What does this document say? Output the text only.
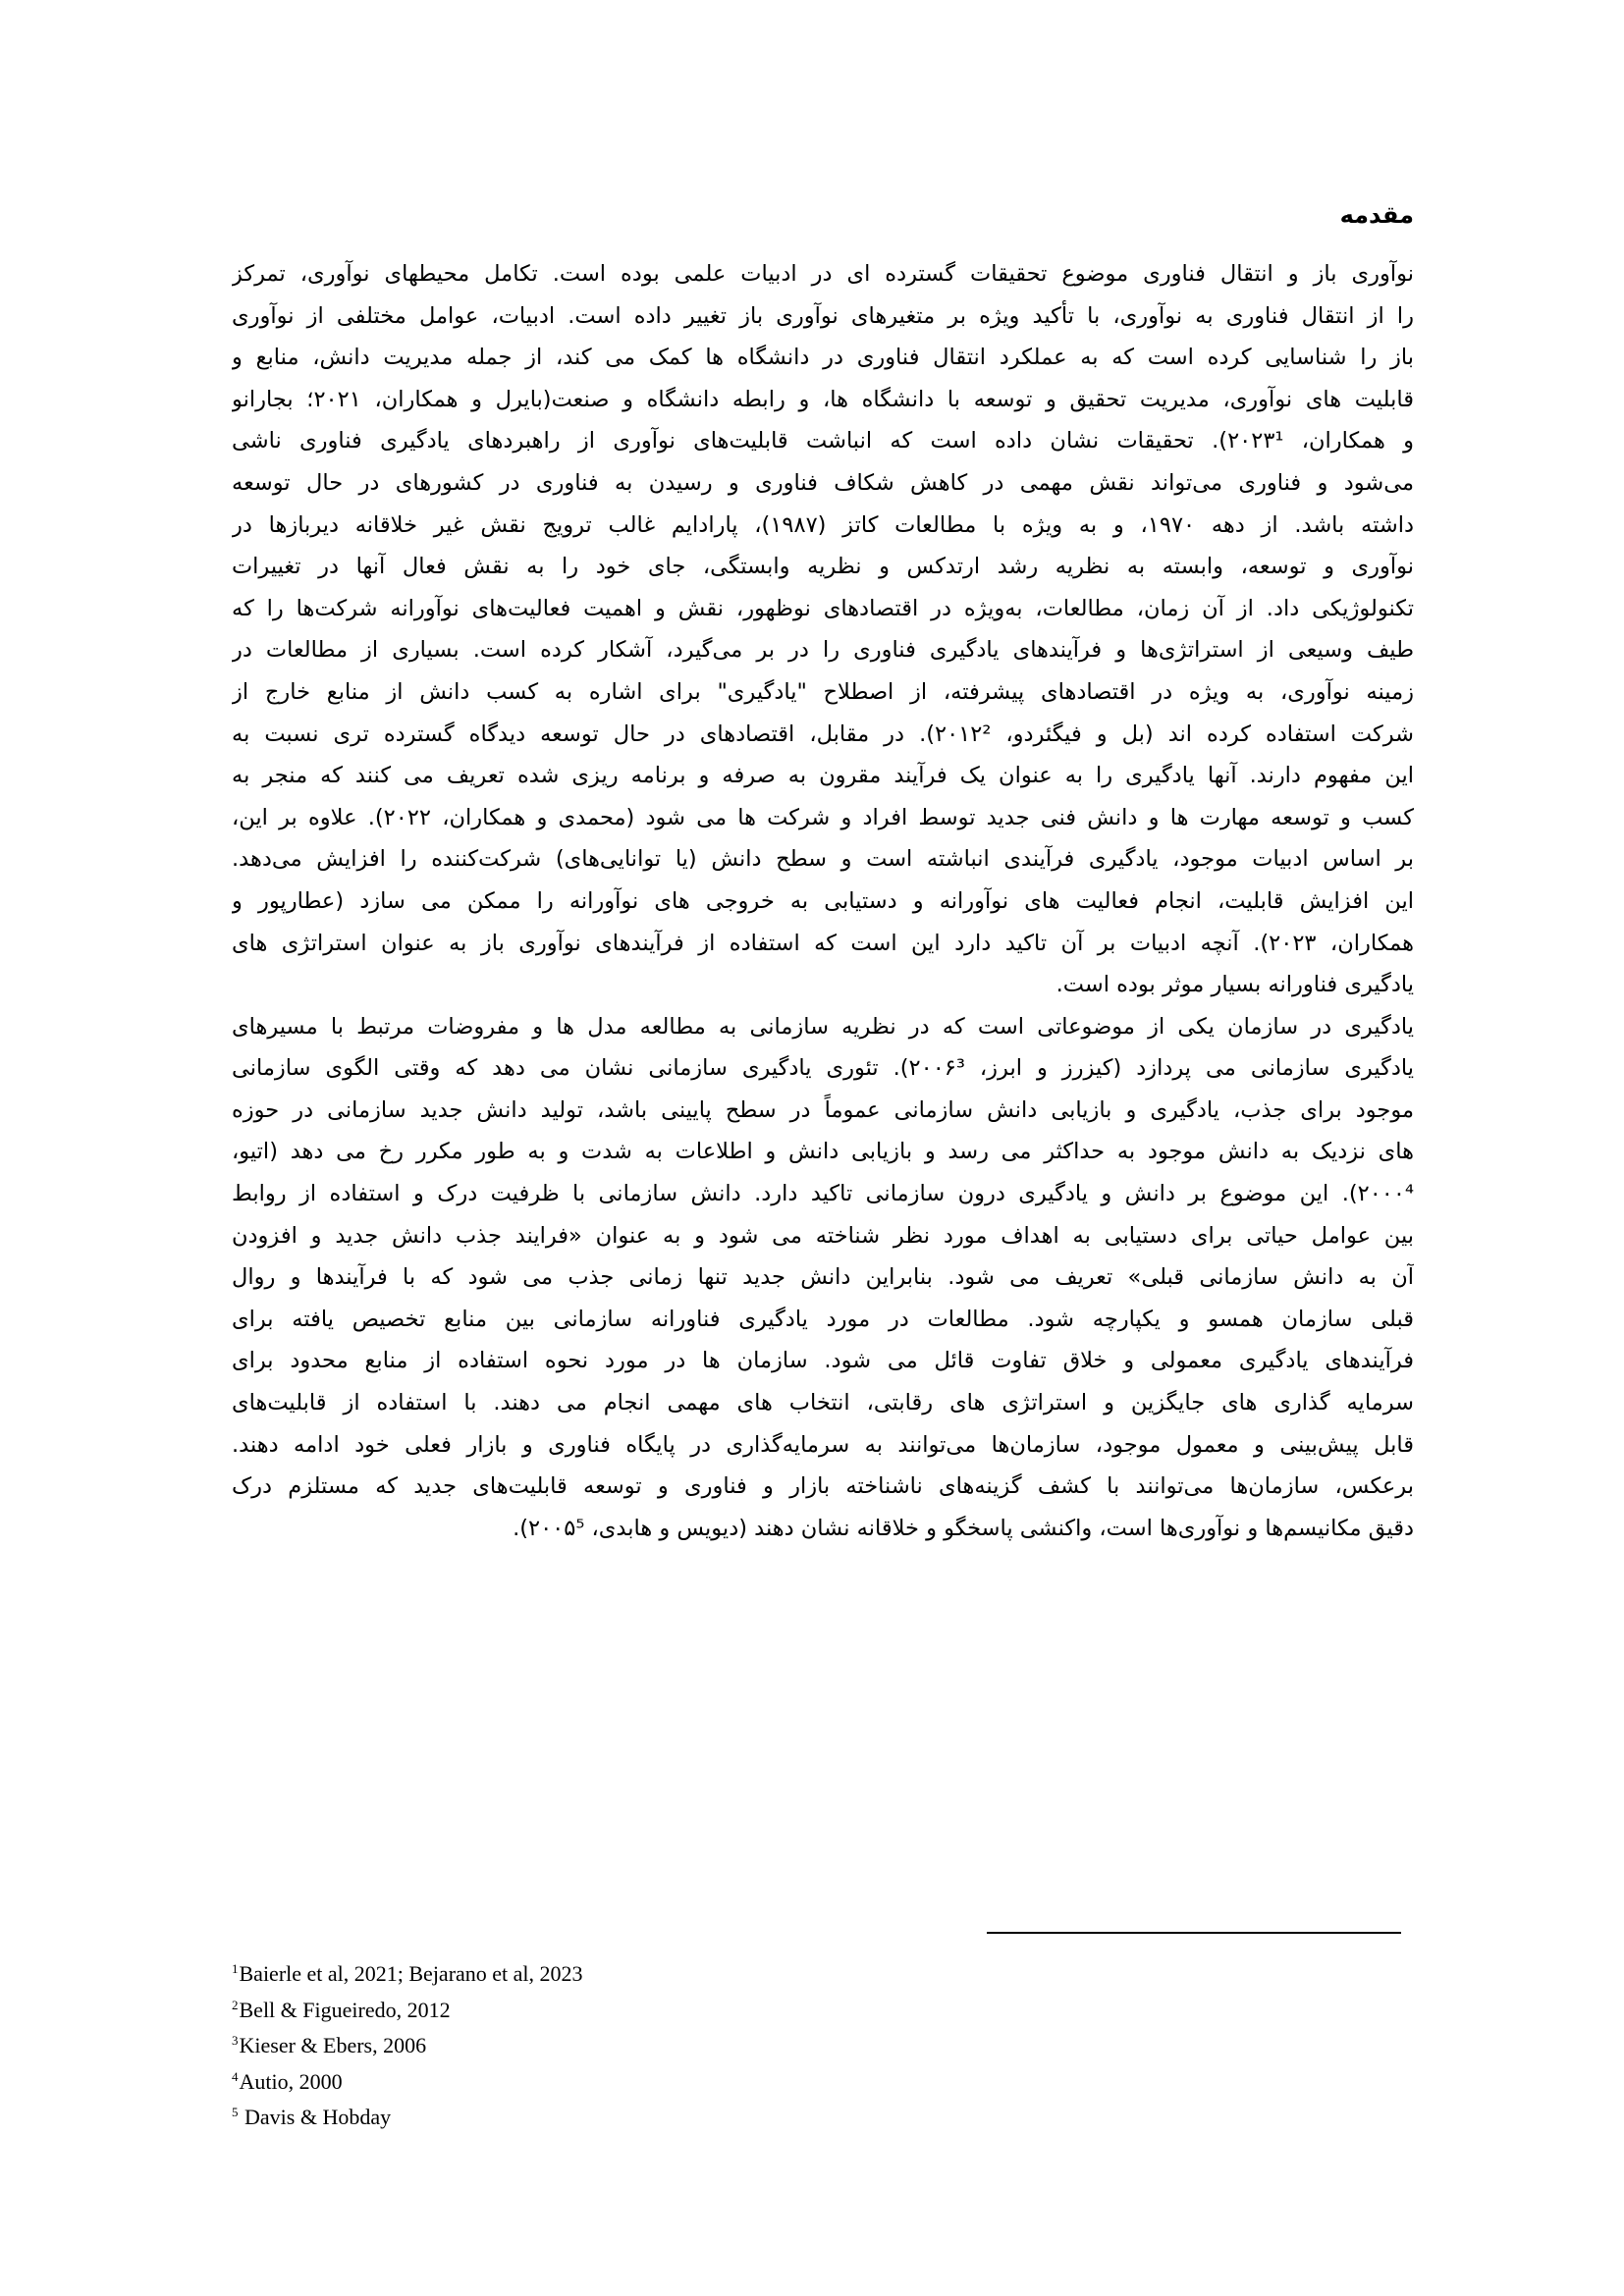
مقدمه

نوآوری باز و انتقال فناوری موضوع تحقیقات گسترده ای در ادبیات علمی بوده است. تکامل محیطهای نوآوری، تمرکز
را از انتقال فناوری به نوآوری، با تأکید ویژه بر متغیرهای نوآوری باز تغییر داده است. ادبیات، عوامل مختلفی از نوآوری
باز را شناسایی کرده است که به عملکرد انتقال فناوری در دانشگاه ها کمک می کند، از جمله مدیریت دانش، منابع و
قابلیت های نوآوری، مدیریت تحقیق و توسعه با دانشگاه ها، و رابطه دانشگاه و صنعت(بایرل و همکاران، ۲۰۲۱؛ بجارانو
و همکاران، ۲۰۲۳¹). تحقیقات نشان داده است که انباشت قابلیت‌های نوآوری از راهبردهای یادگیری فناوری ناشی
می‌شود و فناوری می‌تواند نقش مهمی در کاهش شکاف فناوری و رسیدن به فناوری در کشورهای در حال توسعه
داشته باشد. از دهه ۱۹۷۰، و به ویژه با مطالعات کاتز (۱۹۸۷)، پارادایم غالب ترویج نقش غیر خلاقانه دیربازها در
نوآوری و توسعه، وابسته به نظریه رشد ارتدکس و نظریه وابستگی، جای خود را به نقش فعال آنها در تغییرات
تکنولوژیکی داد. از آن زمان، مطالعات، به‌ویژه در اقتصادهای نوظهور، نقش و اهمیت فعالیت‌های نوآورانه شرکت‌ها را که
طیف وسیعی از استراتژی‌ها و فرآیندهای یادگیری فناوری را در بر می‌گیرد، آشکار کرده است. بسیاری از مطالعات در
زمینه نوآوری، به ویژه در اقتصادهای پیشرفته، از اصطلاح "یادگیری" برای اشاره به کسب دانش از منابع خارج از
شرکت استفاده کرده اند (بل و فیگئردو، ۲۰۱۲²). در مقابل، اقتصادهای در حال توسعه دیدگاه گسترده تری نسبت به
این مفهوم دارند. آنها یادگیری را به عنوان یک فرآیند مقرون به صرفه و برنامه ریزی شده تعریف می کنند که منجر به
کسب و توسعه مهارت ها و دانش فنی جدید توسط افراد و شرکت ها می شود (محمدی و همکاران، ۲۰۲۲). علاوه بر این،
بر اساس ادبیات موجود، یادگیری فرآیندی انباشته است و سطح دانش (یا توانایی‌های) شرکت‌کننده را افزایش می‌دهد.
این افزایش قابلیت، انجام فعالیت های نوآورانه و دستیابی به خروجی های نوآورانه را ممکن می سازد (عطارپور و
همکاران، ۲۰۲۳). آنچه ادبیات بر آن تاکید دارد این است که استفاده از فرآیندهای نوآوری باز به عنوان استراتژی های
یادگیری فناورانه بسیار موثر بوده است.

یادگیری در سازمان یکی از موضوعاتی است که در نظریه سازمانی به مطالعه مدل ها و مفروضات مرتبط با مسیرهای
یادگیری سازمانی می پردازد (کیزرز و ابرز، ۲۰۰۶³). تئوری یادگیری سازمانی نشان می دهد که وقتی الگوی سازمانی
موجود برای جذب، یادگیری و بازیابی دانش سازمانی عموماً در سطح پایینی باشد، تولید دانش جدید سازمانی در حوزه
های نزدیک به دانش موجود به حداکثر می رسد و بازیابی دانش و اطلاعات به شدت و به طور مکرر رخ می دهد (اتیو،
۲۰۰۰⁴). این موضوع بر دانش و یادگیری درون سازمانی تاکید دارد. دانش سازمانی با ظرفیت درک و استفاده از روابط
بین عوامل حیاتی برای دستیابی به اهداف مورد نظر شناخته می شود و به عنوان «فرایند جذب دانش جدید و افزودن
آن به دانش سازمانی قبلی» تعریف می شود. بنابراین دانش جدید تنها زمانی جذب می شود که با فرآیندها و روال
قبلی سازمان همسو و یکپارچه شود. مطالعات در مورد یادگیری فناورانه سازمانی بین منابع تخصیص یافته برای
فرآیندهای یادگیری معمولی و خلاق تفاوت قائل می شود. سازمان ها در مورد نحوه استفاده از منابع محدود برای
سرمایه گذاری های جایگزین و استراتژی های رقابتی، انتخاب های مهمی انجام می دهند. با استفاده از قابلیت‌های
قابل پیش‌بینی و معمول موجود، سازمان‌ها می‌توانند به سرمایه‌گذاری در پایگاه فناوری و بازار فعلی خود ادامه دهند.
برعکس، سازمان‌ها می‌توانند با کشف گزینه‌های ناشناخته بازار و فناوری و توسعه قابلیت‌های جدید که مستلزم درک
دقیق مکانیسم‌ها و نوآوری‌ها است، واکنشی پاسخگو و خلاقانه نشان دهند (دیویس و هابدی، ۲۰۰۵⁵).

$^1$Baierle et al, 2021; Bejarano et al, 2023
$^2$Bell & Figueiredo, 2012
$^3$Kieser & Ebers, 2006
$^4$Autio, 2000
$^5$ Davis & Hobday
